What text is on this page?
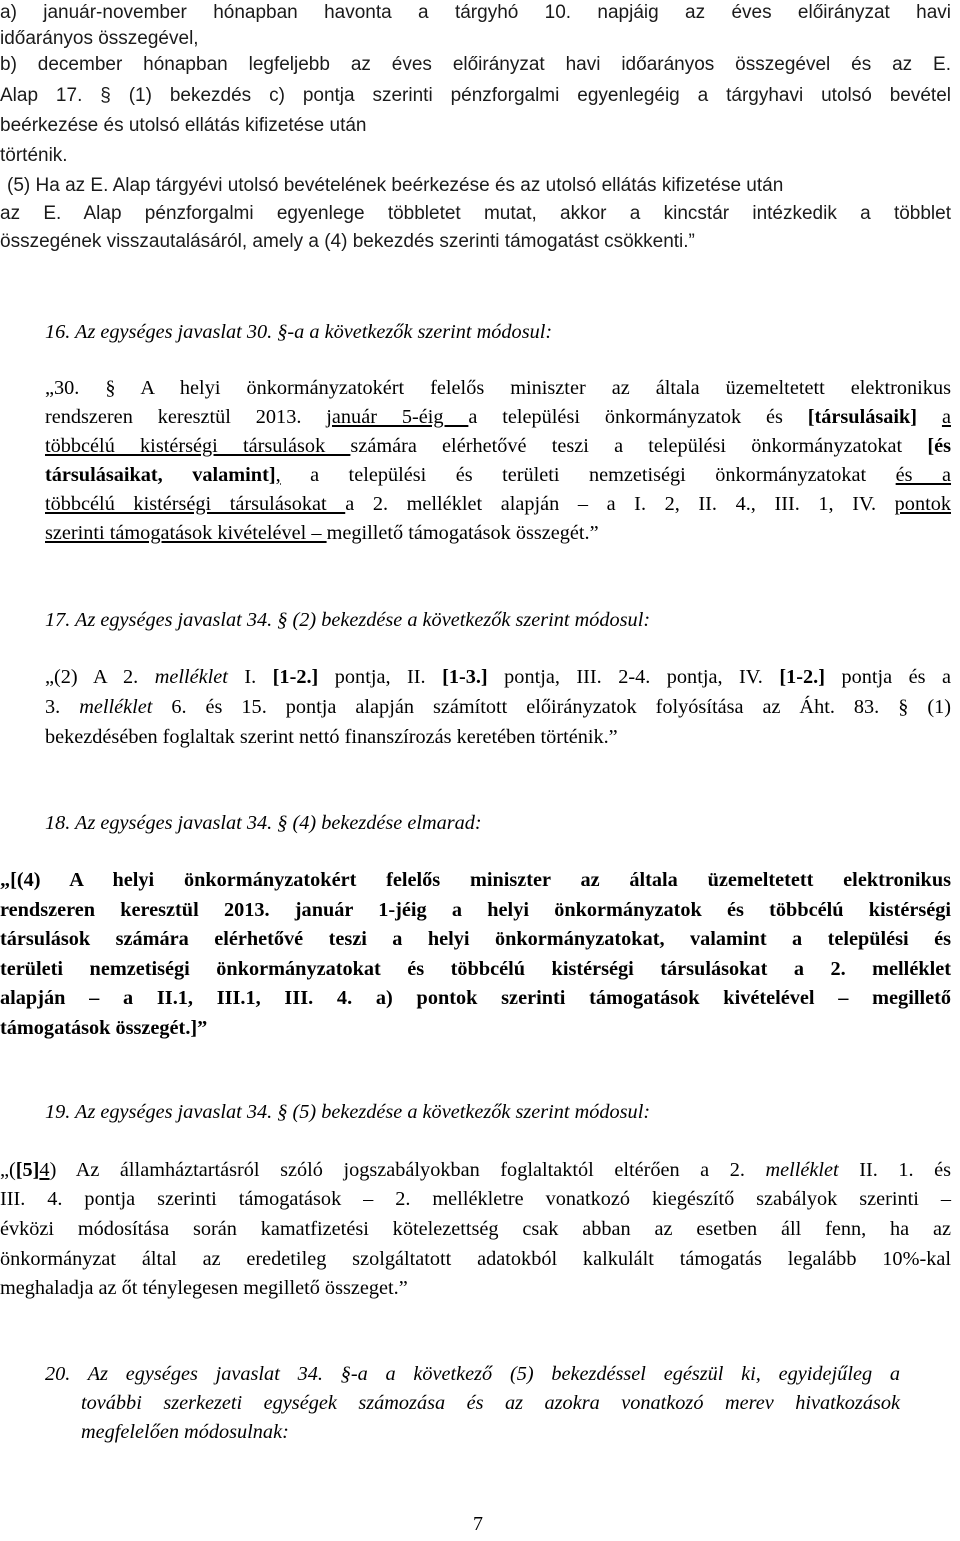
a) január-november hónapban havonta a tárgyhó 10. napjáig az éves előirányzat havi

időarányos összegével,

b) december hónapban legfeljebb az éves előirányzat havi időarányos összegével és az E.

Alap 17. § (1) bekezdés c) pontja szerinti pénzforgalmi egyenlegéig a tárgyhavi utolsó bevétel

beérkezése és utolsó ellátás kifizetése után

történik.

(5) Ha az E. Alap tárgyévi utolsó bevételének beérkezése és az utolsó ellátás kifizetése után

az E. Alap pénzforgalmi egyenlege többletet mutat, akkor a kincstár intézkedik a többlet

összegének visszautalásáról, amely a (4) bekezdés szerinti támogatást csökkenti.”

16. Az egységes javaslat 30. §-a a következők szerint módosul:

„30. § A helyi önkormányzatokért felelős miniszter az általa üzemeltetett elektronikus

rendszeren keresztül 2013. január 5-éig a települési önkormányzatok és [társulásaik] a

többcélú kistérségi társulások számára elérhetővé teszi a települési önkormányzatokat [és

társulásaikat, valamint], a települési és területi nemzetiségi önkormányzatokat és a

többcélú kistérségi társulásokat a 2. melléklet alapján – a I. 2, II. 4., III. 1, IV. pontok

szerinti támogatások kivételével – megillető támogatások összegét.”

17. Az egységes javaslat 34. § (2) bekezdése a következők szerint módosul:

„(2) A 2. melléklet I. [1-2.] pontja, II. [1-3.] pontja, III. 2-4. pontja, IV. [1-2.] pontja és a

3. melléklet 6. és 15. pontja alapján számított előirányzatok folyósítása az Áht. 83. § (1)

bekezdésében foglaltak szerint nettó finanszírozás keretében történik.”

18. Az egységes javaslat 34. § (4) bekezdése elmarad:

„[(4) A helyi önkormányzatokért felelős miniszter az általa üzemeltetett elektronikus

rendszeren keresztül 2013. január 1-jéig a helyi önkormányzatok és többcélú kistérségi

társulások számára elérhetővé teszi a helyi önkormányzatokat, valamint a települési és

területi nemzetiségi önkormányzatokat és többcélú kistérségi társulásokat a 2. melléklet

alapján – a II.1, III.1, III. 4. a) pontok szerinti támogatások kivételével – megillető

támogatások összegét.]”

19. Az egységes javaslat 34. § (5) bekezdése a következők szerint módosul:

„([5]4) Az államháztartásról szóló jogszabályokban foglaltaktól eltérően a 2. melléklet II. 1. és

III. 4. pontja szerinti támogatások – 2. mellékletre vonatkozó kiegészítő szabályok szerinti –

évközi módosítása során kamatfizetési kötelezettség csak abban az esetben áll fenn, ha az

önkormányzat által az eredetileg szolgáltatott adatokból kalkulált támogatás legalább 10%-kal

meghaladja az őt ténylegesen megillető összeget.”

20. Az egységes javaslat 34. §-a a következő (5) bekezdéssel egészül ki, egyidejűleg a

további szerkezeti egységek számozása és az azokra vonatkozó merev hivatkozások

megfelelően módosulnak:

7
